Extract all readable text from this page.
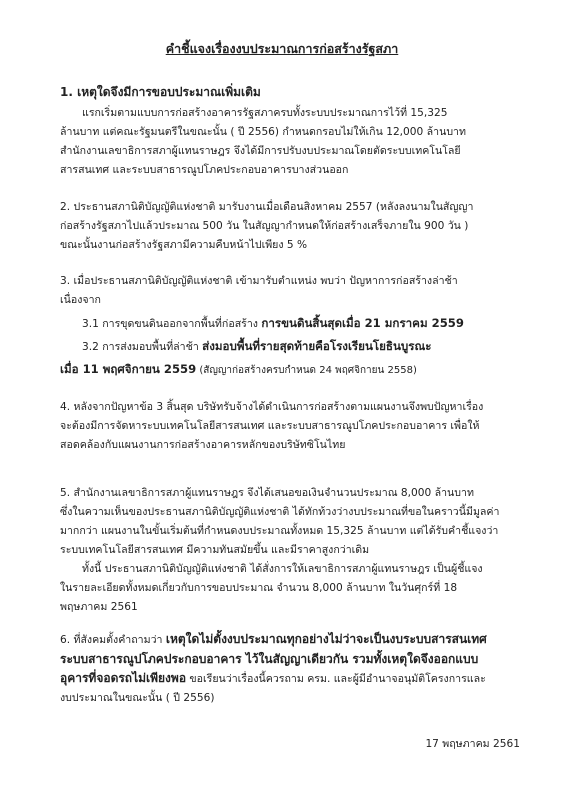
คำชี้แจงเรื่องงบประมาณการก่อสร้างรัฐสภา

1. เหตุใดจึงมีการขอบประมาณเพิ่มเติม

แรกเริ่มตามแบบการก่อสร้างอาคารรัฐสภาครบทั้งระบบประมาณการไว้ที่ 15,325

ล้านบาท แต่คณะรัฐมนตรีในขณะนั้น ( ปี 2556) กำหนดกรอบไม่ให้เกิน 12,000 ล้านบาท

สำนักงานเลขาธิการสภาผู้แทนราษฎร จึงได้มีการปรับงบประมาณโดยตัดระบบเทคโนโลยี

สารสนเทศ และระบบสาธารณูปโภคประกอบอาคารบางส่วนออก

2. ประธานสภานิติบัญญัติแห่งชาติ มารับงานเมื่อเดือนสิงหาคม 2557 (หลังลงนามในสัญญา

ก่อสร้างรัฐสภาไปแล้วประมาณ 500 วัน ในสัญญากำหนดให้ก่อสร้างเสร็จภายใน 900 วัน )

ขณะนั้นงานก่อสร้างรัฐสภามีความคืบหน้าไปเพียง 5 %

3. เมื่อประธานสภานิติบัญญัติแห่งชาติ เข้ามารับตำแหน่ง พบว่า ปัญหาการก่อสร้างล่าช้า

เนื่องจาก

3.1 การขุดขนดินออกจากพื้นที่ก่อสร้าง การขนดินสิ้นสุดเมื่อ 21 มกราคม 2559

3.2 การส่งมอบพื้นที่ล่าช้า ส่งมอบพื้นที่รายสุดท้ายคือโรงเรียนโยธินบูรณะ

เมื่อ 11 พฤศจิกายน 2559 (สัญญาก่อสร้างครบกำหนด 24 พฤศจิกายน 2558)

4. หลังจากปัญหาข้อ 3 สิ้นสุด บริษัทรับจ้างได้ดำเนินการก่อสร้างตามแผนงานจึงพบปัญหาเรื่อง

จะต้องมีการจัดหาระบบเทคโนโลยีสารสนเทศ และระบบสาธารณูปโภคประกอบอาคาร เพื่อให้

สอดคล้องกับแผนงานการก่อสร้างอาคารหลักของบริษัทซิโนไทย

5. สำนักงานเลขาธิการสภาผู้แทนราษฎร จึงได้เสนอขอเงินจำนวนประมาณ 8,000 ล้านบาท

ซึ่งในความเห็นของประธานสภานิติบัญญัติแห่งชาติ ได้ทักท้วงว่างบประมาณที่ขอในคราวนี้มีมูลค่า

มากกว่า แผนงานในขั้นเริ่มต้นที่กำหนดงบประมาณทั้งหมด 15,325 ล้านบาท แต่ได้รับคำชี้แจงว่า

ระบบเทคโนโลยีสารสนเทศ มีความทันสมัยขึ้น และมีราคาสูงกว่าเดิม

ทั้งนี้ ประธานสภานิติบัญญัติแห่งชาติ ได้สั่งการให้เลขาธิการสภาผู้แทนราษฎร เป็นผู้ชี้แจง

ในรายละเอียดทั้งหมดเกี่ยวกับการขอบประมาณ จำนวน 8,000 ล้านบาท ในวันศุกร์ที่ 18

พฤษภาคม 2561

6. ที่สังคมตั้งคำถามว่า เหตุใดไม่ตั้งงบประมาณทุกอย่างไม่ว่าจะเป็นงบระบบสารสนเทศ

ระบบสาธารณูปโภคประกอบอาคาร ไว้ในสัญญาเดียวกัน รวมทั้งเหตุใดจึงออกแบบ

อุคารที่จอดรถไม่เพียงพอ ขอเรียนว่าเรื่องนี้ควรถาม ครม. และผู้มีอำนาจอนุมัติโครงการและ

งบประมาณในขณะนั้น ( ปี 2556)

17 พฤษภาคม 2561
